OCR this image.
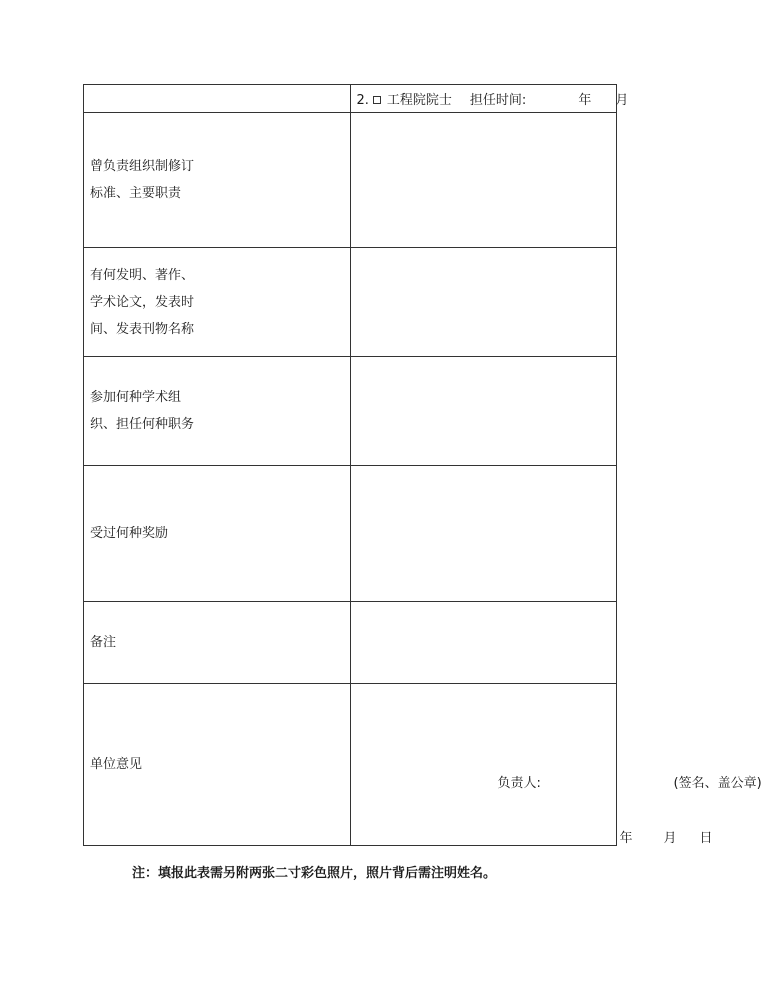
	2. 工程院院士 担任时间: 年 月

曾负责组织制修订
标准、主要职责	

有何发明、著作、
学术论文，发表时
间、发表刊物名称	

参加何种学术组
织、担任何种职务	

受过何种奖励	

备注	

单位意见	负责人: (签名、盖公章)
年 月 日
注：填报此表需另附两张二寸彩色照片，照片背后需注明姓名。
